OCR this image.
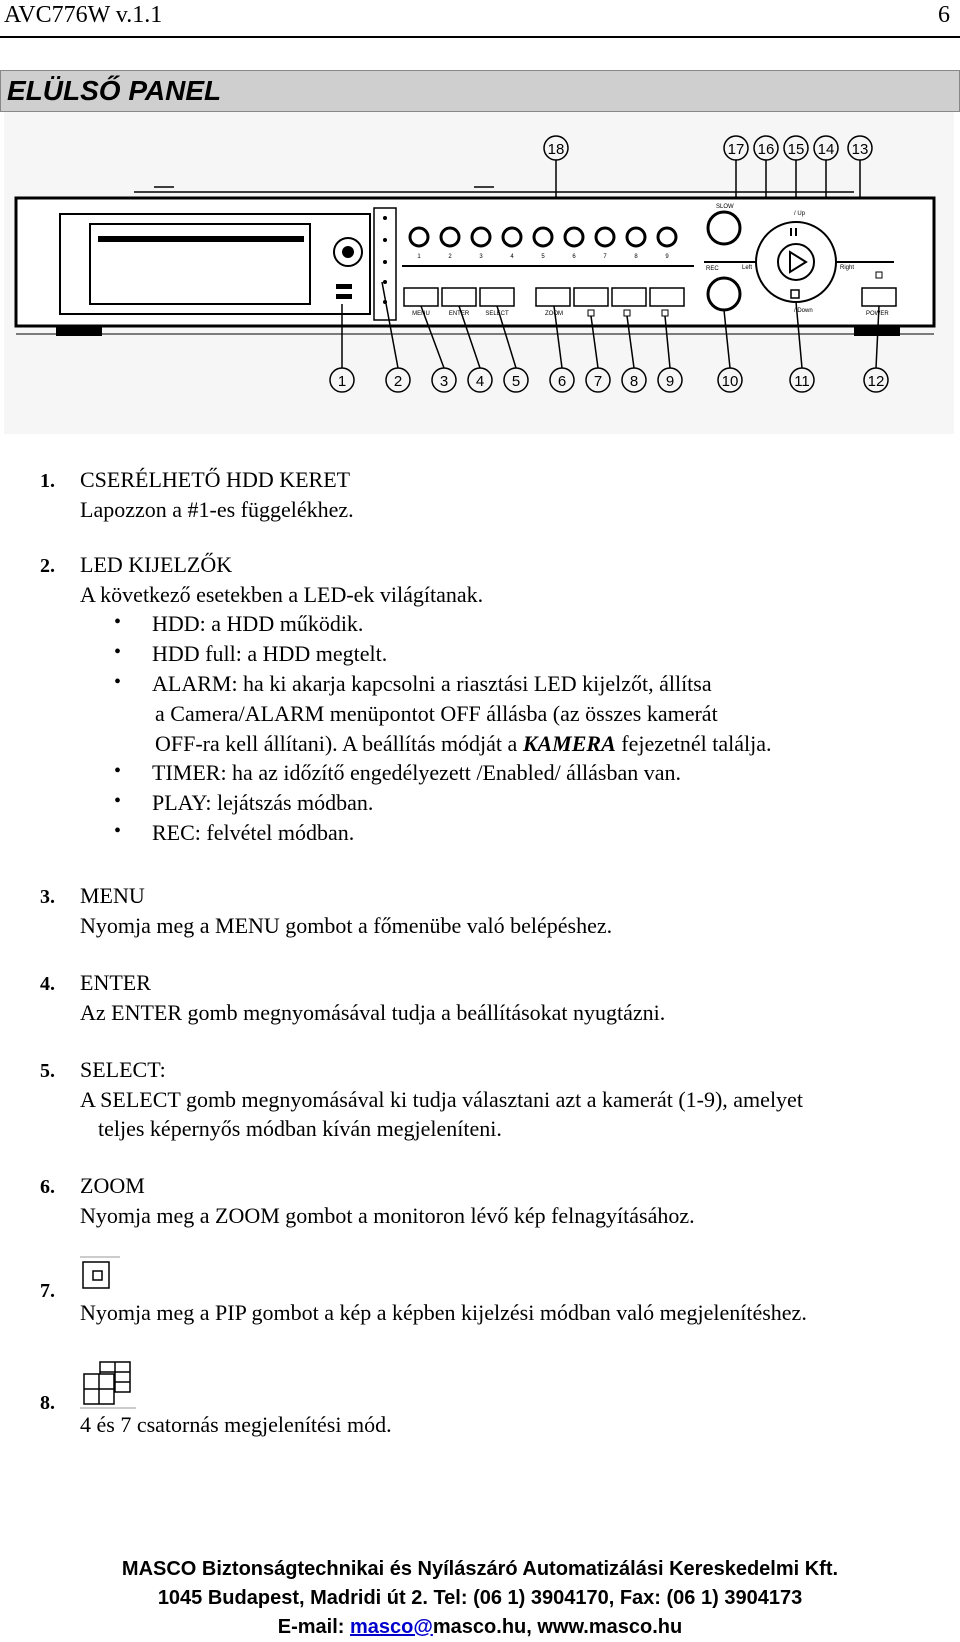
AVC776W v.1.1	6
ELÜLSŐ PANEL
18	17 16 15 14 13
1	2	3	4	5	6	7	8	9
MENU	ENTER	SELECT	ZOOM
SLOW
REC
/ Up
Left	Right
/ Down	POWER
1	2	3 4 5	6 7 8 9	10	11	12
1. CSERÉLHETŐ HDD KERET
Lapozzon a #1-es függelékhez.
2. LED KIJELZŐK
A következő esetekben a LED-ek világítanak.
• HDD: a HDD működik.
• HDD full: a HDD megtelt.
• ALARM: ha ki akarja kapcsolni a riasztási LED kijelzőt, állítsa
a Camera/ALARM menüpontot OFF állásba (az összes kamerát
OFF-ra kell állítani). A beállítás módját a KAMERA fejezetnél találja.
• TIMER: ha az időzítő engedélyezett /Enabled/ állásban van.
• PLAY: lejátszás módban.
• REC: felvétel módban.
3. MENU
Nyomja meg a MENU gombot a főmenübe való belépéshez.
4. ENTER
Az ENTER gomb megnyomásával tudja a beállításokat nyugtázni.
5. SELECT:
A SELECT gomb megnyomásával ki tudja választani azt a kamerát (1-9), amelyet
teljes képernyős módban kíván megjeleníteni.
6. ZOOM
Nyomja meg a ZOOM gombot a monitoron lévő kép felnagyításához.
7.
Nyomja meg a PIP gombot a kép a képben kijelzési módban való megjelenítéshez.
8.
4 és 7 csatornás megjelenítési mód.
MASCO Biztonságtechnikai és Nyílászáró Automatizálási Kereskedelmi Kft.
1045 Budapest, Madridi út 2. Tel: (06 1) 3904170, Fax: (06 1) 3904173
E-mail: masco@masco.hu, www.masco.hu
